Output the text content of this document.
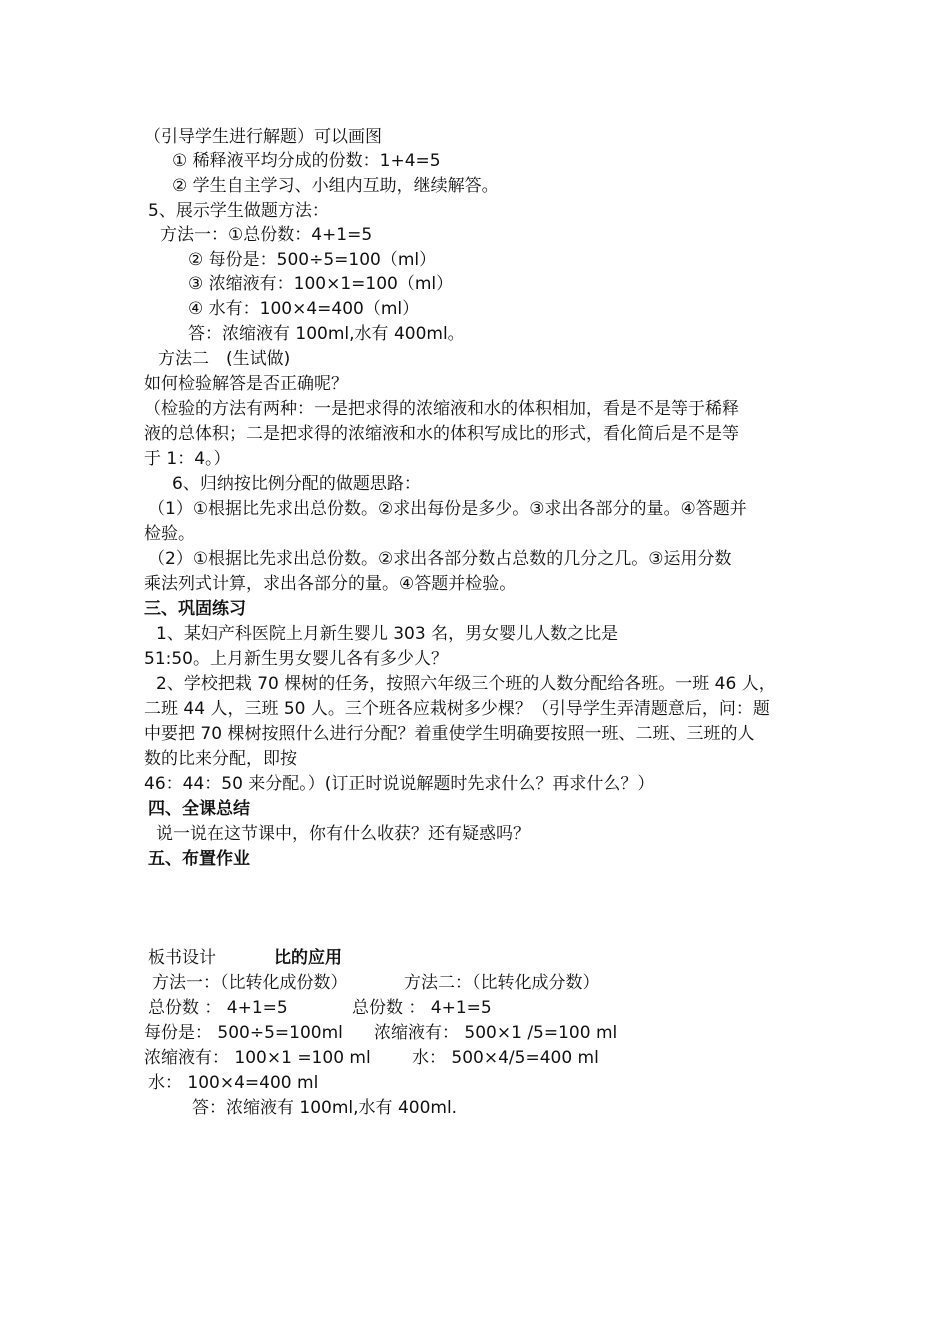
（引导学生进行解题）可以画图
① 稀释液平均分成的份数：1+4=5
② 学生自主学习、小组内互助，继续解答。
5、展示学生做题方法：
方法一：①总份数：4+1=5
② 每份是：500÷5=100（ml）
③ 浓缩液有：100×1=100（ml）
④ 水有：100×4=400（ml）
答：浓缩液有 100ml,水有 400ml。
方法二　(生试做)
如何检验解答是否正确呢？
（检验的方法有两种：一是把求得的浓缩液和水的体积相加，看是不是等于稀释
液的总体积；二是把求得的浓缩液和水的体积写成比的形式，看化简后是不是等
于 1：4。）
6、归纳按比例分配的做题思路：
（1）①根据比先求出总份数。②求出每份是多少。③求出各部分的量。④答题并
检验。
（2）①根据比先求出总份数。②求出各部分数占总数的几分之几。③运用分数
乘法列式计算，求出各部分的量。④答题并检验。
三、巩固练习
1、某妇产科医院上月新生婴儿 303 名，男女婴儿人数之比是
51:50。上月新生男女婴儿各有多少人？
2、学校把栽 70 棵树的任务，按照六年级三个班的人数分配给各班。一班 46 人，
二班 44 人，三班 50 人。三个班各应栽树多少棵？（引导学生弄清题意后，问：题
中要把 70 棵树按照什么进行分配？着重使学生明确要按照一班、二班、三班的人
数的比来分配，即按
46：44：50 来分配。）(订正时说说解题时先求什么？再求什么？）
四、全课总结
说一说在这节课中，你有什么收获？还有疑惑吗？
五、布置作业
板书设计	比的应用
方法一：（比转化成份数）	方法二：（比转化成分数）
总份数 ： 4+1=5	总份数 ： 4+1=5
每份是： 500÷5=100ml 浓缩液有： 500×1 /5=100 ml
浓缩液有： 100×1 =100 ml 水： 500×4/5=400 ml
水： 100×4=400 ml
答：浓缩液有 100ml,水有 400ml.
